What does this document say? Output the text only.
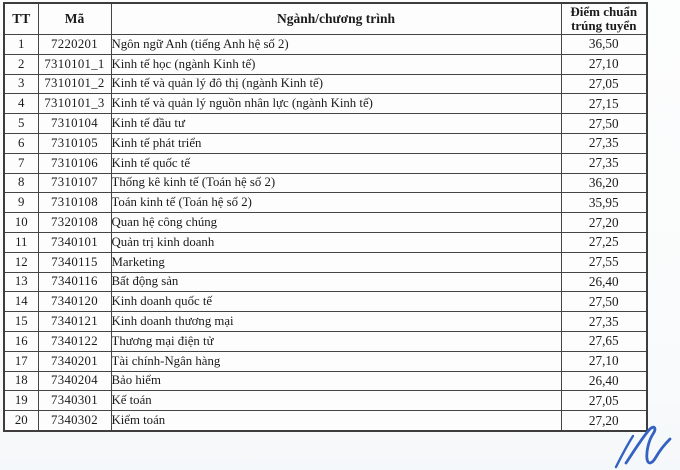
TT	Mã	Ngành/chương trình	Điểm chuẩn trúng tuyển
1	7220201	Ngôn ngữ Anh (tiếng Anh hệ số 2)	36,50
2	7310101_1	Kinh tế học (ngành Kinh tế)	27,10
3	7310101_2	Kinh tế và quản lý đô thị (ngành Kinh tế)	27,05
4	7310101_3	Kinh tế và quản lý nguồn nhân lực (ngành Kinh tế)	27,15
5	7310104	Kinh tế đầu tư	27,50
6	7310105	Kinh tế phát triển	27,35
7	7310106	Kinh tế quốc tế	27,35
8	7310107	Thống kê kinh tế (Toán hệ số 2)	36,20
9	7310108	Toán kinh tế (Toán hệ số 2)	35,95
10	7320108	Quan hệ công chúng	27,20
11	7340101	Quản trị kinh doanh	27,25
12	7340115	Marketing	27,55
13	7340116	Bất động sản	26,40
14	7340120	Kinh doanh quốc tế	27,50
15	7340121	Kinh doanh thương mại	27,35
16	7340122	Thương mại điện tử	27,65
17	7340201	Tài chính-Ngân hàng	27,10
18	7340204	Bảo hiểm	26,40
19	7340301	Kế toán	27,05
20	7340302	Kiểm toán	27,20
